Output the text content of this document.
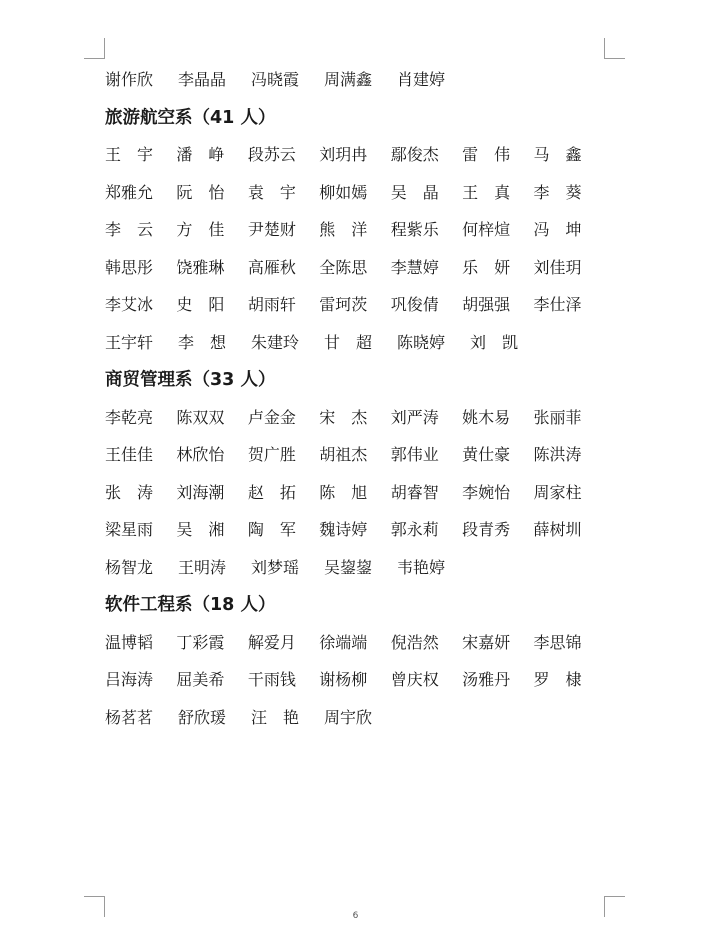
谢作欣	李晶晶	冯晓霞	周满鑫	肖建婷
旅游航空系（41 人）
王　宇	潘　峥	段苏云	刘玥冉	鄢俊杰	雷　伟	马　鑫
郑雅允	阮　怡	袁　宇	柳如嫣	吴　晶	王　真	李　葵
李　云	方　佳	尹楚财	熊　洋	程紫乐	何梓煊	冯　坤
韩思彤	饶雅琳	高雁秋	全陈思	李慧婷	乐　妍	刘佳玥
李艾冰	史　阳	胡雨轩	雷珂茨	巩俊倩	胡强强	李仕泽
王宇轩	李　想	朱建玲	甘　超	陈晓婷	刘　凯
商贸管理系（33 人）
李乾亮	陈双双	卢金金	宋　杰	刘严涛	姚木易	张丽菲
王佳佳	林欣怡	贺广胜	胡祖杰	郭伟业	黄仕豪	陈洪涛
张　涛	刘海潮	赵　拓	陈　旭	胡睿智	李婉怡	周家柱
梁星雨	吴　湘	陶　军	魏诗婷	郭永莉	段青秀	薛树圳
杨智龙	王明涛	刘梦瑶	吴鋆鋆	韦艳婷
软件工程系（18 人）
温博韬	丁彩霞	解爱月	徐端端	倪浩然	宋嘉妍	李思锦
吕海涛	屈美希	干雨钱	谢杨柳	曾庆权	汤雅丹	罗　棣
杨茗茗	舒欣瑗	汪　艳	周宇欣
6
